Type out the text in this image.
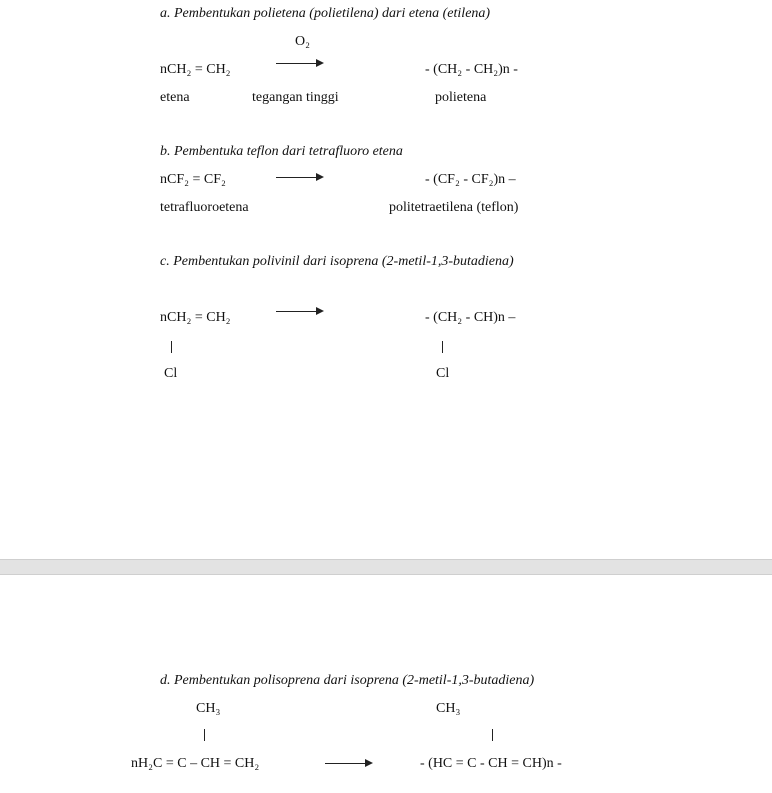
a. Pembentukan polietena (polietilena) dari etena (etilena)
O₂
nCH₂ = CH₂	- (CH₂ - CH₂)n -
etena	tegangan tinggi	polietena
b. Pembentuka teflon dari tetrafluoro etena
nCF₂ = CF₂	- (CF₂ - CF₂)n –
tetrafluoroetena	politetraetilena (teflon)
c. Pembentukan polivinil dari isoprena (2-metil-1,3-butadiena)
nCH₂ = CH₂	- (CH₂ - CH)n –
Cl	Cl
d. Pembentukan polisoprena dari isoprena (2-metil-1,3-butadiena)
CH₃	CH₃
nH₂C = C – CH = CH₂	- (HC = C - CH = CH)n -
